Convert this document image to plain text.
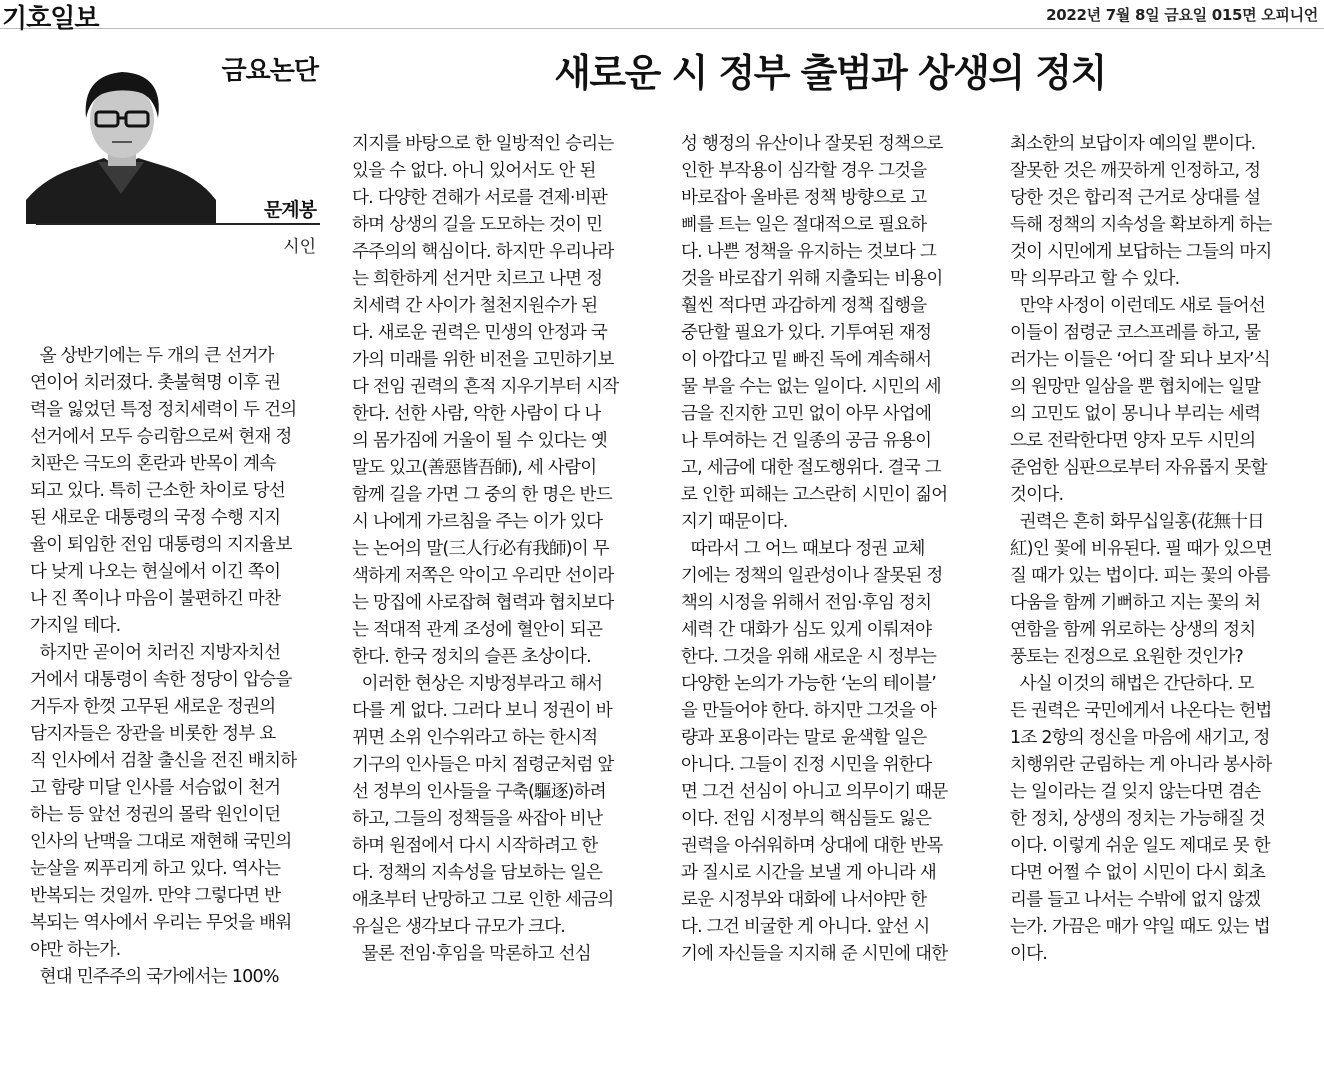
기호일보	2022년 7월 8일 금요일 015면 오피니언
금요논단	새로운 시 정부 출범과 상생의 정치
문계봉
시인
올 상반기에는 두 개의 큰 선거가
연이어 치러졌다. 촛불혁명 이후 권
력을 잃었던 특정 정치세력이 두 건의
선거에서 모두 승리함으로써 현재 정
치판은 극도의 혼란과 반목이 계속
되고 있다. 특히 근소한 차이로 당선
된 새로운 대통령의 국정 수행 지지
율이 퇴임한 전임 대통령의 지지율보
다 낮게 나오는 현실에서 이긴 쪽이
나 진 쪽이나 마음이 불편하긴 마찬
가지일 테다.
하지만 곧이어 치러진 지방자치선
거에서 대통령이 속한 정당이 압승을
거두자 한껏 고무된 새로운 정권의
담지자들은 장관을 비롯한 정부 요
직 인사에서 검찰 출신을 전진 배치하
고 함량 미달 인사를 서슴없이 천거
하는 등 앞선 정권의 몰락 원인이던
인사의 난맥을 그대로 재현해 국민의
눈살을 찌푸리게 하고 있다. 역사는
반복되는 것일까. 만약 그렇다면 반
복되는 역사에서 우리는 무엇을 배워
야만 하는가.
현대 민주주의 국가에서는 100%
지지를 바탕으로 한 일방적인 승리는
있을 수 없다. 아니 있어서도 안 된
다. 다양한 견해가 서로를 견제·비판
하며 상생의 길을 도모하는 것이 민
주주의의 핵심이다. 하지만 우리나라
는 희한하게 선거만 치르고 나면 정
치세력 간 사이가 철천지원수가 된
다. 새로운 권력은 민생의 안정과 국
가의 미래를 위한 비전을 고민하기보
다 전임 권력의 흔적 지우기부터 시작
한다. 선한 사람, 악한 사람이 다 나
의 몸가짐에 거울이 될 수 있다는 옛
말도 있고(善惡皆吾師), 세 사람이
함께 길을 가면 그 중의 한 명은 반드
시 나에게 가르침을 주는 이가 있다
는 논어의 말(三人行必有我師)이 무
색하게 저쪽은 악이고 우리만 선이라
는 망집에 사로잡혀 협력과 협치보다
는 적대적 관계 조성에 혈안이 되곤
한다. 한국 정치의 슬픈 초상이다.
이러한 현상은 지방정부라고 해서
다를 게 없다. 그러다 보니 정권이 바
뀌면 소위 인수위라고 하는 한시적
기구의 인사들은 마치 점령군처럼 앞
선 정부의 인사들을 구축(驅逐)하려
하고, 그들의 정책들을 싸잡아 비난
하며 원점에서 다시 시작하려고 한
다. 정책의 지속성을 담보하는 일은
애초부터 난망하고 그로 인한 세금의
유실은 생각보다 규모가 크다.
물론 전임·후임을 막론하고 선심
성 행정의 유산이나 잘못된 정책으로
인한 부작용이 심각할 경우 그것을
바로잡아 올바른 정책 방향으로 고
삐를 트는 일은 절대적으로 필요하
다. 나쁜 정책을 유지하는 것보다 그
것을 바로잡기 위해 지출되는 비용이
훨씬 적다면 과감하게 정책 집행을
중단할 필요가 있다. 기투여된 재정
이 아깝다고 밑 빠진 독에 계속해서
물 부을 수는 없는 일이다. 시민의 세
금을 진지한 고민 없이 아무 사업에
나 투여하는 건 일종의 공금 유용이
고, 세금에 대한 절도행위다. 결국 그
로 인한 피해는 고스란히 시민이 짊어
지기 때문이다.
따라서 그 어느 때보다 정권 교체
기에는 정책의 일관성이나 잘못된 정
책의 시정을 위해서 전임·후임 정치
세력 간 대화가 심도 있게 이뤄져야
한다. 그것을 위해 새로운 시 정부는
다양한 논의가 가능한 ‘논의 테이블’
을 만들어야 한다. 하지만 그것을 아
량과 포용이라는 말로 윤색할 일은
아니다. 그들이 진정 시민을 위한다
면 그건 선심이 아니고 의무이기 때문
이다. 전임 시정부의 핵심들도 잃은
권력을 아쉬워하며 상대에 대한 반목
과 질시로 시간을 보낼 게 아니라 새
로운 시정부와 대화에 나서야만 한
다. 그건 비굴한 게 아니다. 앞선 시
기에 자신들을 지지해 준 시민에 대한
최소한의 보답이자 예의일 뿐이다.
잘못한 것은 깨끗하게 인정하고, 정
당한 것은 합리적 근거로 상대를 설
득해 정책의 지속성을 확보하게 하는
것이 시민에게 보답하는 그들의 마지
막 의무라고 할 수 있다.
만약 사정이 이런데도 새로 들어선
이들이 점령군 코스프레를 하고, 물
러가는 이들은 ‘어디 잘 되나 보자’식
의 원망만 일삼을 뿐 협치에는 일말
의 고민도 없이 몽니나 부리는 세력
으로 전락한다면 양자 모두 시민의
준엄한 심판으로부터 자유롭지 못할
것이다.
권력은 흔히 화무십일홍(花無十日
紅)인 꽃에 비유된다. 필 때가 있으면
질 때가 있는 법이다. 피는 꽃의 아름
다움을 함께 기뻐하고 지는 꽃의 처
연함을 함께 위로하는 상생의 정치
풍토는 진정으로 요원한 것인가?
사실 이것의 해법은 간단하다. 모
든 권력은 국민에게서 나온다는 헌법
1조 2항의 정신을 마음에 새기고, 정
치행위란 군림하는 게 아니라 봉사하
는 일이라는 걸 잊지 않는다면 겸손
한 정치, 상생의 정치는 가능해질 것
이다. 이렇게 쉬운 일도 제대로 못 한
다면 어쩔 수 없이 시민이 다시 회초
리를 들고 나서는 수밖에 없지 않겠
는가. 가끔은 매가 약일 때도 있는 법
이다.
